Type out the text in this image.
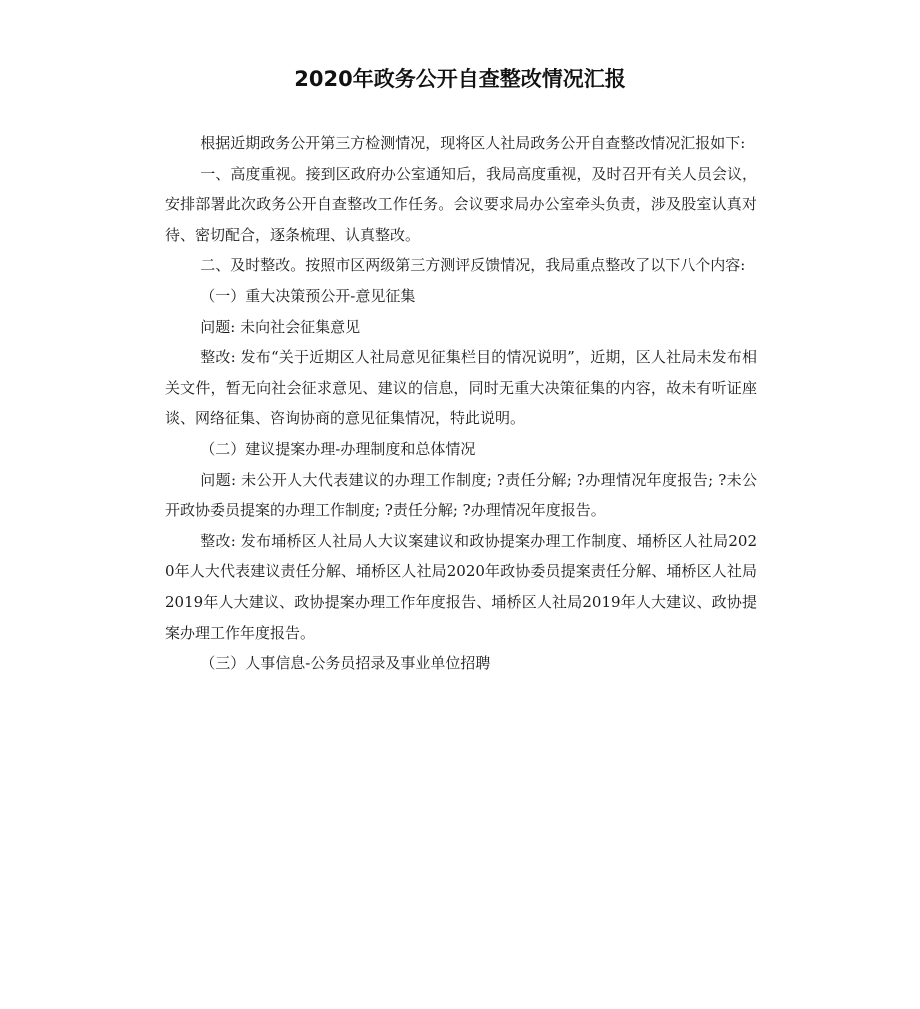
2020年政务公开自查整改情况汇报

根据近期政务公开第三方检测情况，现将区人社局政务公开自查整改情况汇报如下:

一、高度重视。接到区政府办公室通知后，我局高度重视，及时召开有关人员会议，安排部署此次政务公开自查整改工作任务。会议要求局办公室牵头负责，涉及股室认真对待、密切配合，逐条梳理、认真整改。

二、及时整改。按照市区两级第三方测评反馈情况，我局重点整改了以下八个内容:

（一）重大决策预公开-意见征集

问题: 未向社会征集意见

整改: 发布“关于近期区人社局意见征集栏目的情况说明”，近期，区人社局未发布相关文件，暂无向社会征求意见、建议的信息，同时无重大决策征集的内容，故未有听证座谈、网络征集、咨询协商的意见征集情况，特此说明。

（二）建议提案办理-办理制度和总体情况

问题: 未公开人大代表建议的办理工作制度; ?责任分解; ?办理情况年度报告; ?未公开政协委员提案的办理工作制度; ?责任分解; ?办理情况年度报告。

整改: 发布埇桥区人社局人大议案建议和政协提案办理工作制度、埇桥区人社局2020年人大代表建议责任分解、埇桥区人社局2020年政协委员提案责任分解、埇桥区人社局2019年人大建议、政协提案办理工作年度报告、埇桥区人社局2019年人大建议、政协提案办理工作年度报告。

（三）人事信息-公务员招录及事业单位招聘
